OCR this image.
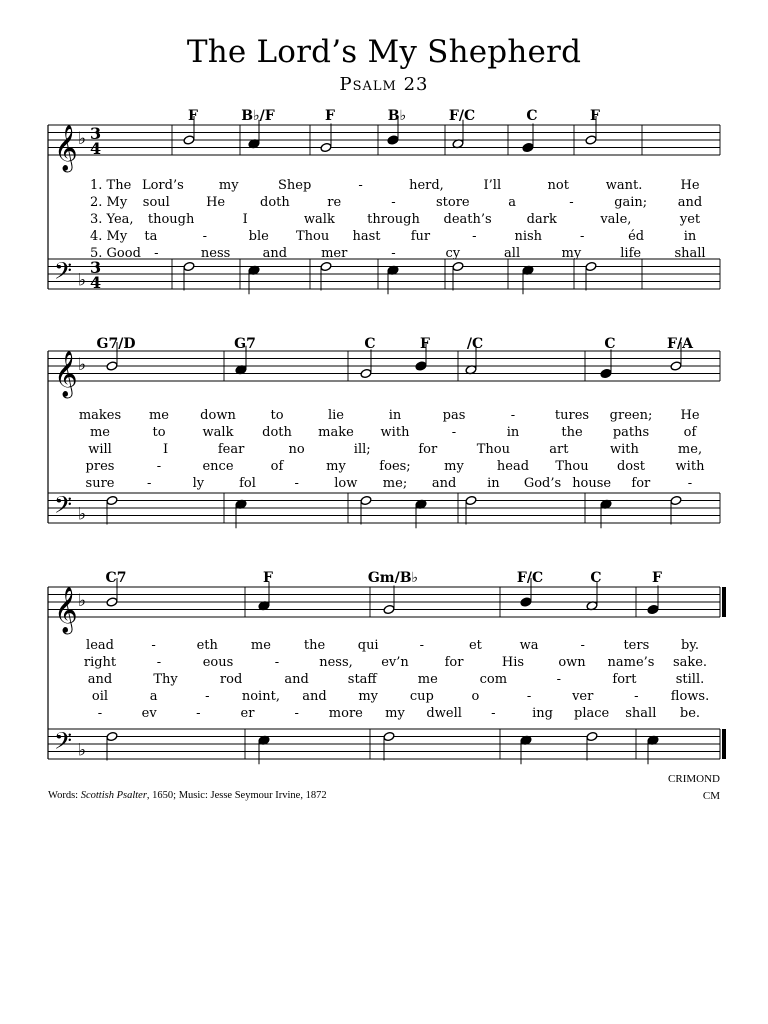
The Lord’s My Shepherd
Psalm 23
F	B♭/F	F	B♭	F/C	C	F
𝄞
𝄢
♭
♭
3
4
3
4
1. The Lord’s	my	Shep	-	herd,	I’ll	not	want.	He
2. My soul	He	doth	re	-	store	a	-	gain; and
3. Yea, though	I	walk through death’s	dark	vale,	yet
4. My ta	-	ble Thou hast fur	-	nish	-	éd	in
5. Good -	ness and	mer	-	cy	all	my	life	shall
G7/D	G7	C	F	/C	C	F/A
𝄞
𝄢
♭
♭
makes me down	to	lie	in	pas	-	tures green; He
me	to	walk doth make with	-	in	the paths	of
will	I	fear	no	ill;	for	Thou	art	with	me,
pres	-	ence	of	my	foes;	my	head Thou dost with
sure -	ly	fol	-	low me; and in God’s house for	-
C7	F	Gm/B♭	F/C	C	F
𝄞
𝄢
♭
♭
lead	-	eth	me	the	qui	-	et	wa	-	ters by.
right	-	eous	-	ness, ev’n	for	His	own name’s sake.
and	Thy	rod	and	staff	me	com	-	fort	still.
oil	a	- noint, and my cup	o	-	ver	- flows.
-	ev	-	er	- more my dwell -	ing place shall be.
Words: Scottish Psalter, 1650; Music: Jesse Seymour Irvine, 1872
CRIMOND
CM
